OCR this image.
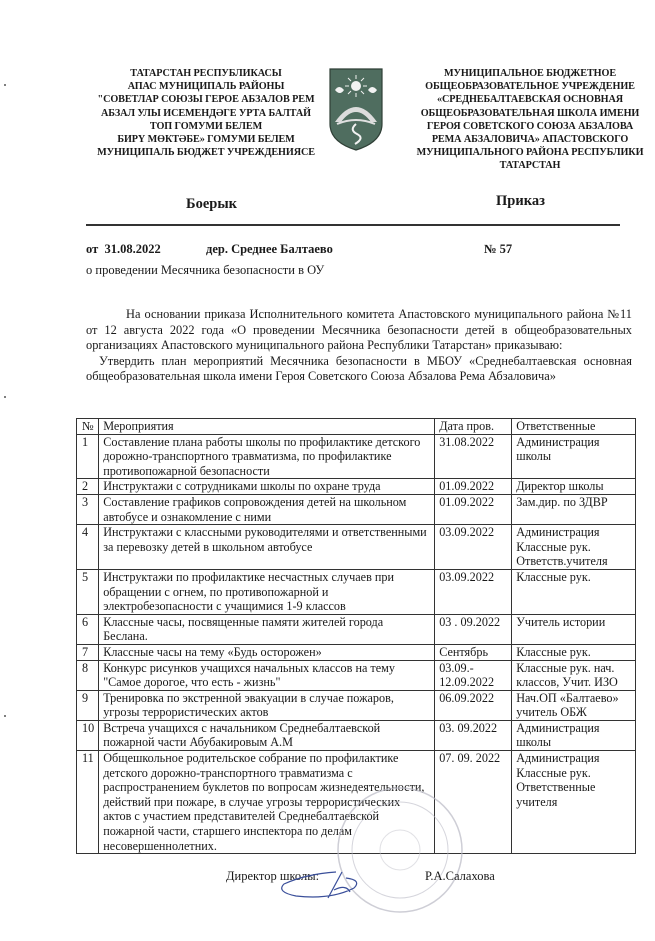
ТАТАРСТАН РЕСПУБЛИКАСЫ
АПАС МУНИЦИПАЛЬ РАЙОНЫ
"СОВЕТЛАР СОЮЗЫ ГЕРОЕ АБЗАЛОВ РЕМ
АБЗАЛ УЛЫ ИСЕМЕНДӘГЕ УРТА БАЛТАЙ
ТОП ГОМУМИ БЕЛЕМ
БИРҮ МӨКТӘБЕ» ГОМУМИ БЕЛЕМ
МУНИЦИПАЛЬ БЮДЖЕТ УЧРЕЖДЕНИЯСЕ
МУНИЦИПАЛЬНОЕ БЮДЖЕТНОЕ
ОБЩЕОБРАЗОВАТЕЛЬНОЕ УЧРЕЖДЕНИЕ
«СРЕДНЕБАЛТАЕВСКАЯ ОСНОВНАЯ
ОБЩЕОБРАЗОВАТЕЛЬНАЯ ШКОЛА ИМЕНИ
ГЕРОЯ СОВЕТСКОГО СОЮЗА АБЗАЛОВА
РЕМА АБЗАЛОВИЧА» АПАСТОВСКОГО
МУНИЦИПАЛЬНОГО РАЙОНА РЕСПУБЛИКИ
ТАТАРСТАН
Боерык	Приказ
от 31.08.2022	дер. Среднее Балтаево	№ 57
о проведении Месячника безопасности в ОУ

На основании приказа Исполнительного комитета Апастовского муниципального района №11 от 12 августа 2022 года «О проведении Месячника безопасности детей в общеобразовательных организациях Апастовского муниципального района Республики Татарстан» приказываю:

Утвердить план мероприятий Месячника безопасности в МБОУ «Среднебалтаевская основная общеобразовательная школа имени Героя Советского Союза Абзалова Рема Абзаловича»

№	Мероприятия	Дата пров.	Ответственные
1	Составление плана работы школы по профилактике детского дорожно-транспортного травматизма, по профилактике противопожарной безопасности	31.08.2022	Администрация школы
2	Инструктажи с сотрудниками школы по охране труда	01.09.2022	Директор школы
3	Составление графиков сопровождения детей на школьном автобусе и ознакомление с ними	01.09.2022	Зам.дир. по ЗДВР
4	Инструктажи с классными руководителями и ответственными за перевозку детей в школьном автобусе	03.09.2022	Администрация Классные рук. Ответств.учителя
5	Инструктажи по профилактике несчастных случаев при обращении с огнем, по противопожарной и электробезопасности с учащимися 1-9 классов	03.09.2022	Классные рук.
6	Классные часы, посвященные памяти жителей города Беслана.	03 . 09.2022	Учитель истории
7	Классные часы на тему «Будь осторожен»	Сентябрь	Классные рук.
8	Конкурс рисунков учащихся начальных классов на тему "Самое дорогое, что есть - жизнь"	03.09.- 12.09.2022	Классные рук. нач. классов, Учит. ИЗО
9	Тренировка по экстренной эвакуации в случае пожаров, угрозы террористических актов	06.09.2022	Нач.ОП «Балтаево» учитель ОБЖ
10	Встреча учащихся с начальником Среднебалтаевской пожарной части Абубакировым А.М	03. 09.2022	Администрация школы
11	Общешкольное родительское собрание по профилактике детского дорожно-транспортного травматизма с распространением буклетов по вопросам жизнедеятельности, действий при пожаре, в случае угрозы террористических актов с участием представителей Среднебалтаевской пожарной части, старшего инспектора по делам несовершеннолетних.	07. 09. 2022	Администрация Классные рук. Ответственные учителя
Директор школы:	Р.А.Салахова
